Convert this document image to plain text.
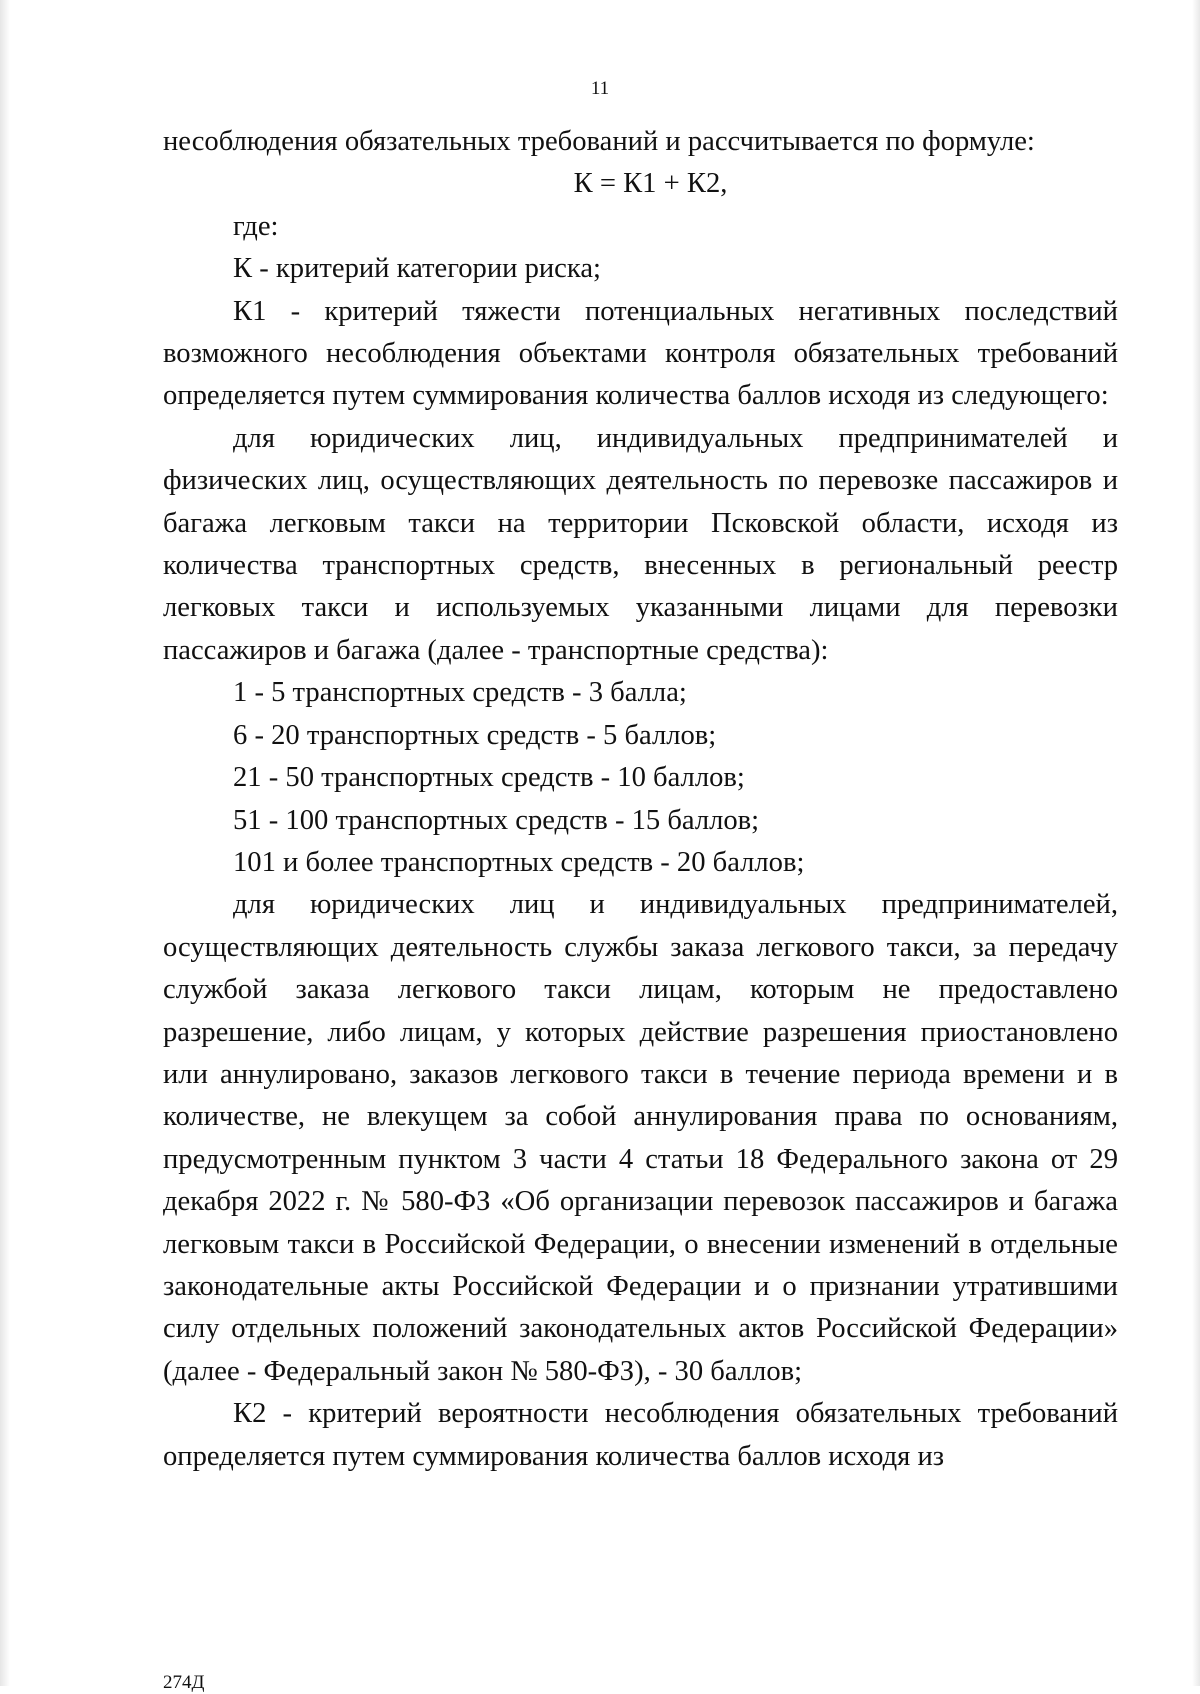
11

несоблюдения обязательных требований и рассчитывается по формуле:

К = К1 + К2,

где:

К - критерий категории риска;

К1 - критерий тяжести потенциальных негативных последствий возможного несоблюдения объектами контроля обязательных требований определяется путем суммирования количества баллов исходя из следующего:

для юридических лиц, индивидуальных предпринимателей и физических лиц, осуществляющих деятельность по перевозке пассажиров и багажа легковым такси на территории Псковской области, исходя из количества транспортных средств, внесенных в региональный реестр легковых такси и используемых указанными лицами для перевозки пассажиров и багажа (далее - транспортные средства):

1 - 5 транспортных средств - 3 балла;

6 - 20 транспортных средств - 5 баллов;

21 - 50 транспортных средств - 10 баллов;

51 - 100 транспортных средств - 15 баллов;

101 и более транспортных средств - 20 баллов;

для юридических лиц и индивидуальных предпринимателей, осуществляющих деятельность службы заказа легкового такси, за передачу службой заказа легкового такси лицам, которым не предоставлено разрешение, либо лицам, у которых действие разрешения приостановлено или аннулировано, заказов легкового такси в течение периода времени и в количестве, не влекущем за собой аннулирования права по основаниям, предусмотренным пунктом 3 части 4 статьи 18 Федерального закона от 29 декабря 2022 г. № 580-ФЗ «Об организации перевозок пассажиров и багажа легковым такси в Российской Федерации, о внесении изменений в отдельные законодательные акты Российской Федерации и о признании утратившими силу отдельных положений законодательных актов Российской Федерации» (далее - Федеральный закон № 580-ФЗ), - 30 баллов;

К2 - критерий вероятности несоблюдения обязательных требований определяется путем суммирования количества баллов исходя из

274Д
